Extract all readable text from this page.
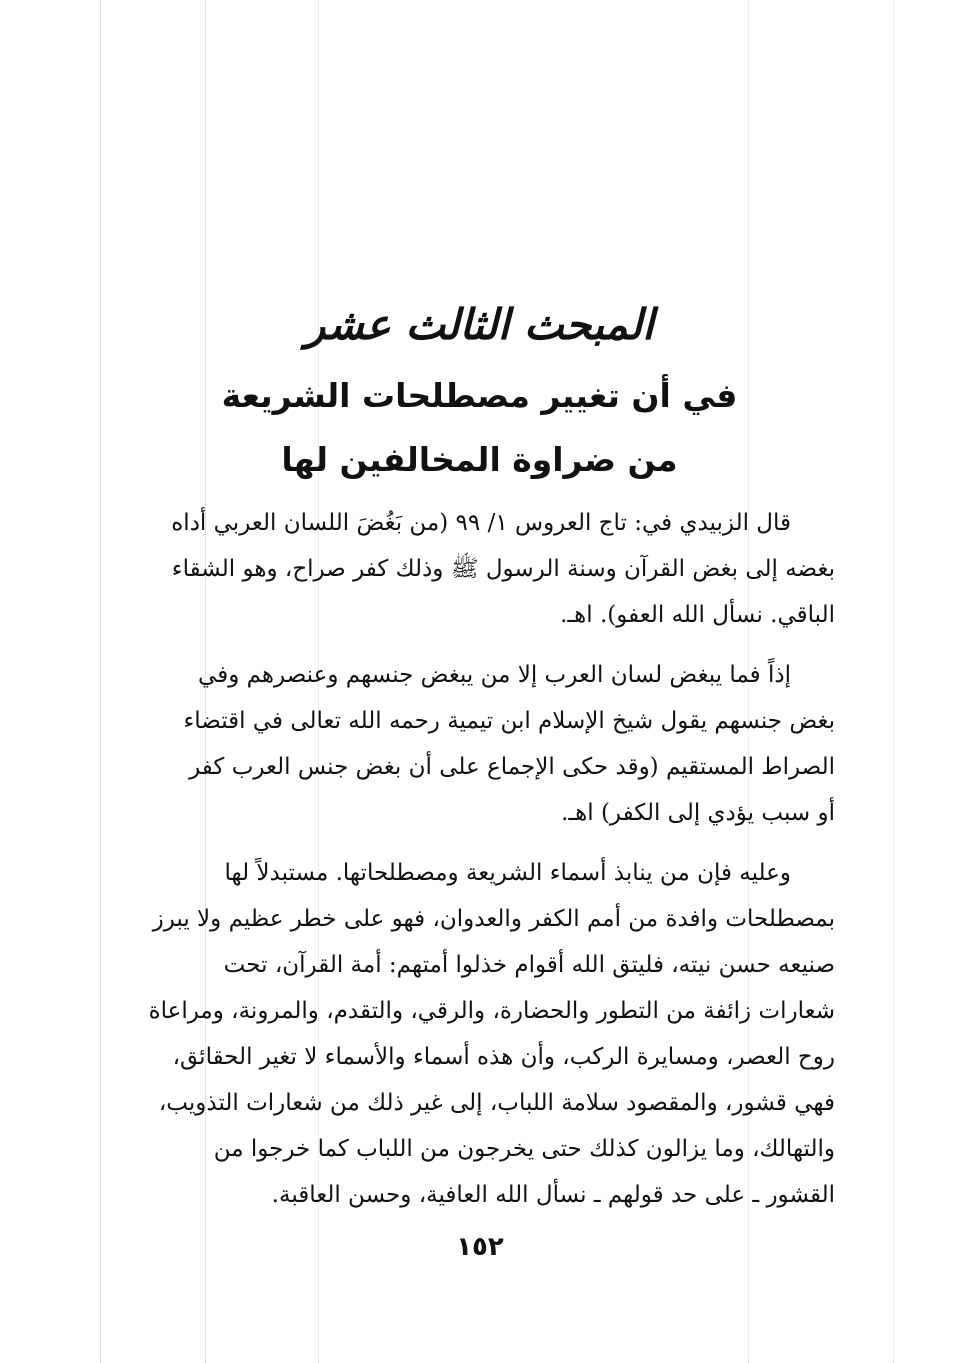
المبحث الثالث عشر
في أن تغيير مصطلحات الشريعة
من ضراوة المخالفين لها
قال الزبيدي في: تاج العروس ١/ ٩٩ (من بَغُضَ اللسان العربي أداه
بغضه إلى بغض القرآن وسنة الرسول ﷺ وذلك كفر صراح، وهو الشقاء
الباقي. نسأل الله العفو). اهـ.
إذاً فما يبغض لسان العرب إلا من يبغض جنسهم وعنصرهم وفي
بغض جنسهم يقول شيخ الإسلام ابن تيمية رحمه الله تعالى في اقتضاء
الصراط المستقيم (وقد حكى الإجماع على أن بغض جنس العرب كفر
أو سبب يؤدي إلى الكفر) اهـ.
وعليه فإن من ينابذ أسماء الشريعة ومصطلحاتها. مستبدلاً لها
بمصطلحات وافدة من أمم الكفر والعدوان، فهو على خطر عظيم ولا يبرز
صنيعه حسن نيته، فليتق الله أقوام خذلوا أمتهم: أمة القرآن، تحت
شعارات زائفة من التطور والحضارة، والرقي، والتقدم، والمرونة، ومراعاة
روح العصر، ومسايرة الركب، وأن هذه أسماء والأسماء لا تغير الحقائق،
فهي قشور، والمقصود سلامة اللباب، إلى غير ذلك من شعارات التذويب،
والتهالك، وما يزالون كذلك حتى يخرجون من اللباب كما خرجوا من
القشور ـ على حد قولهم ـ نسأل الله العافية، وحسن العاقبة.
١٥٢
